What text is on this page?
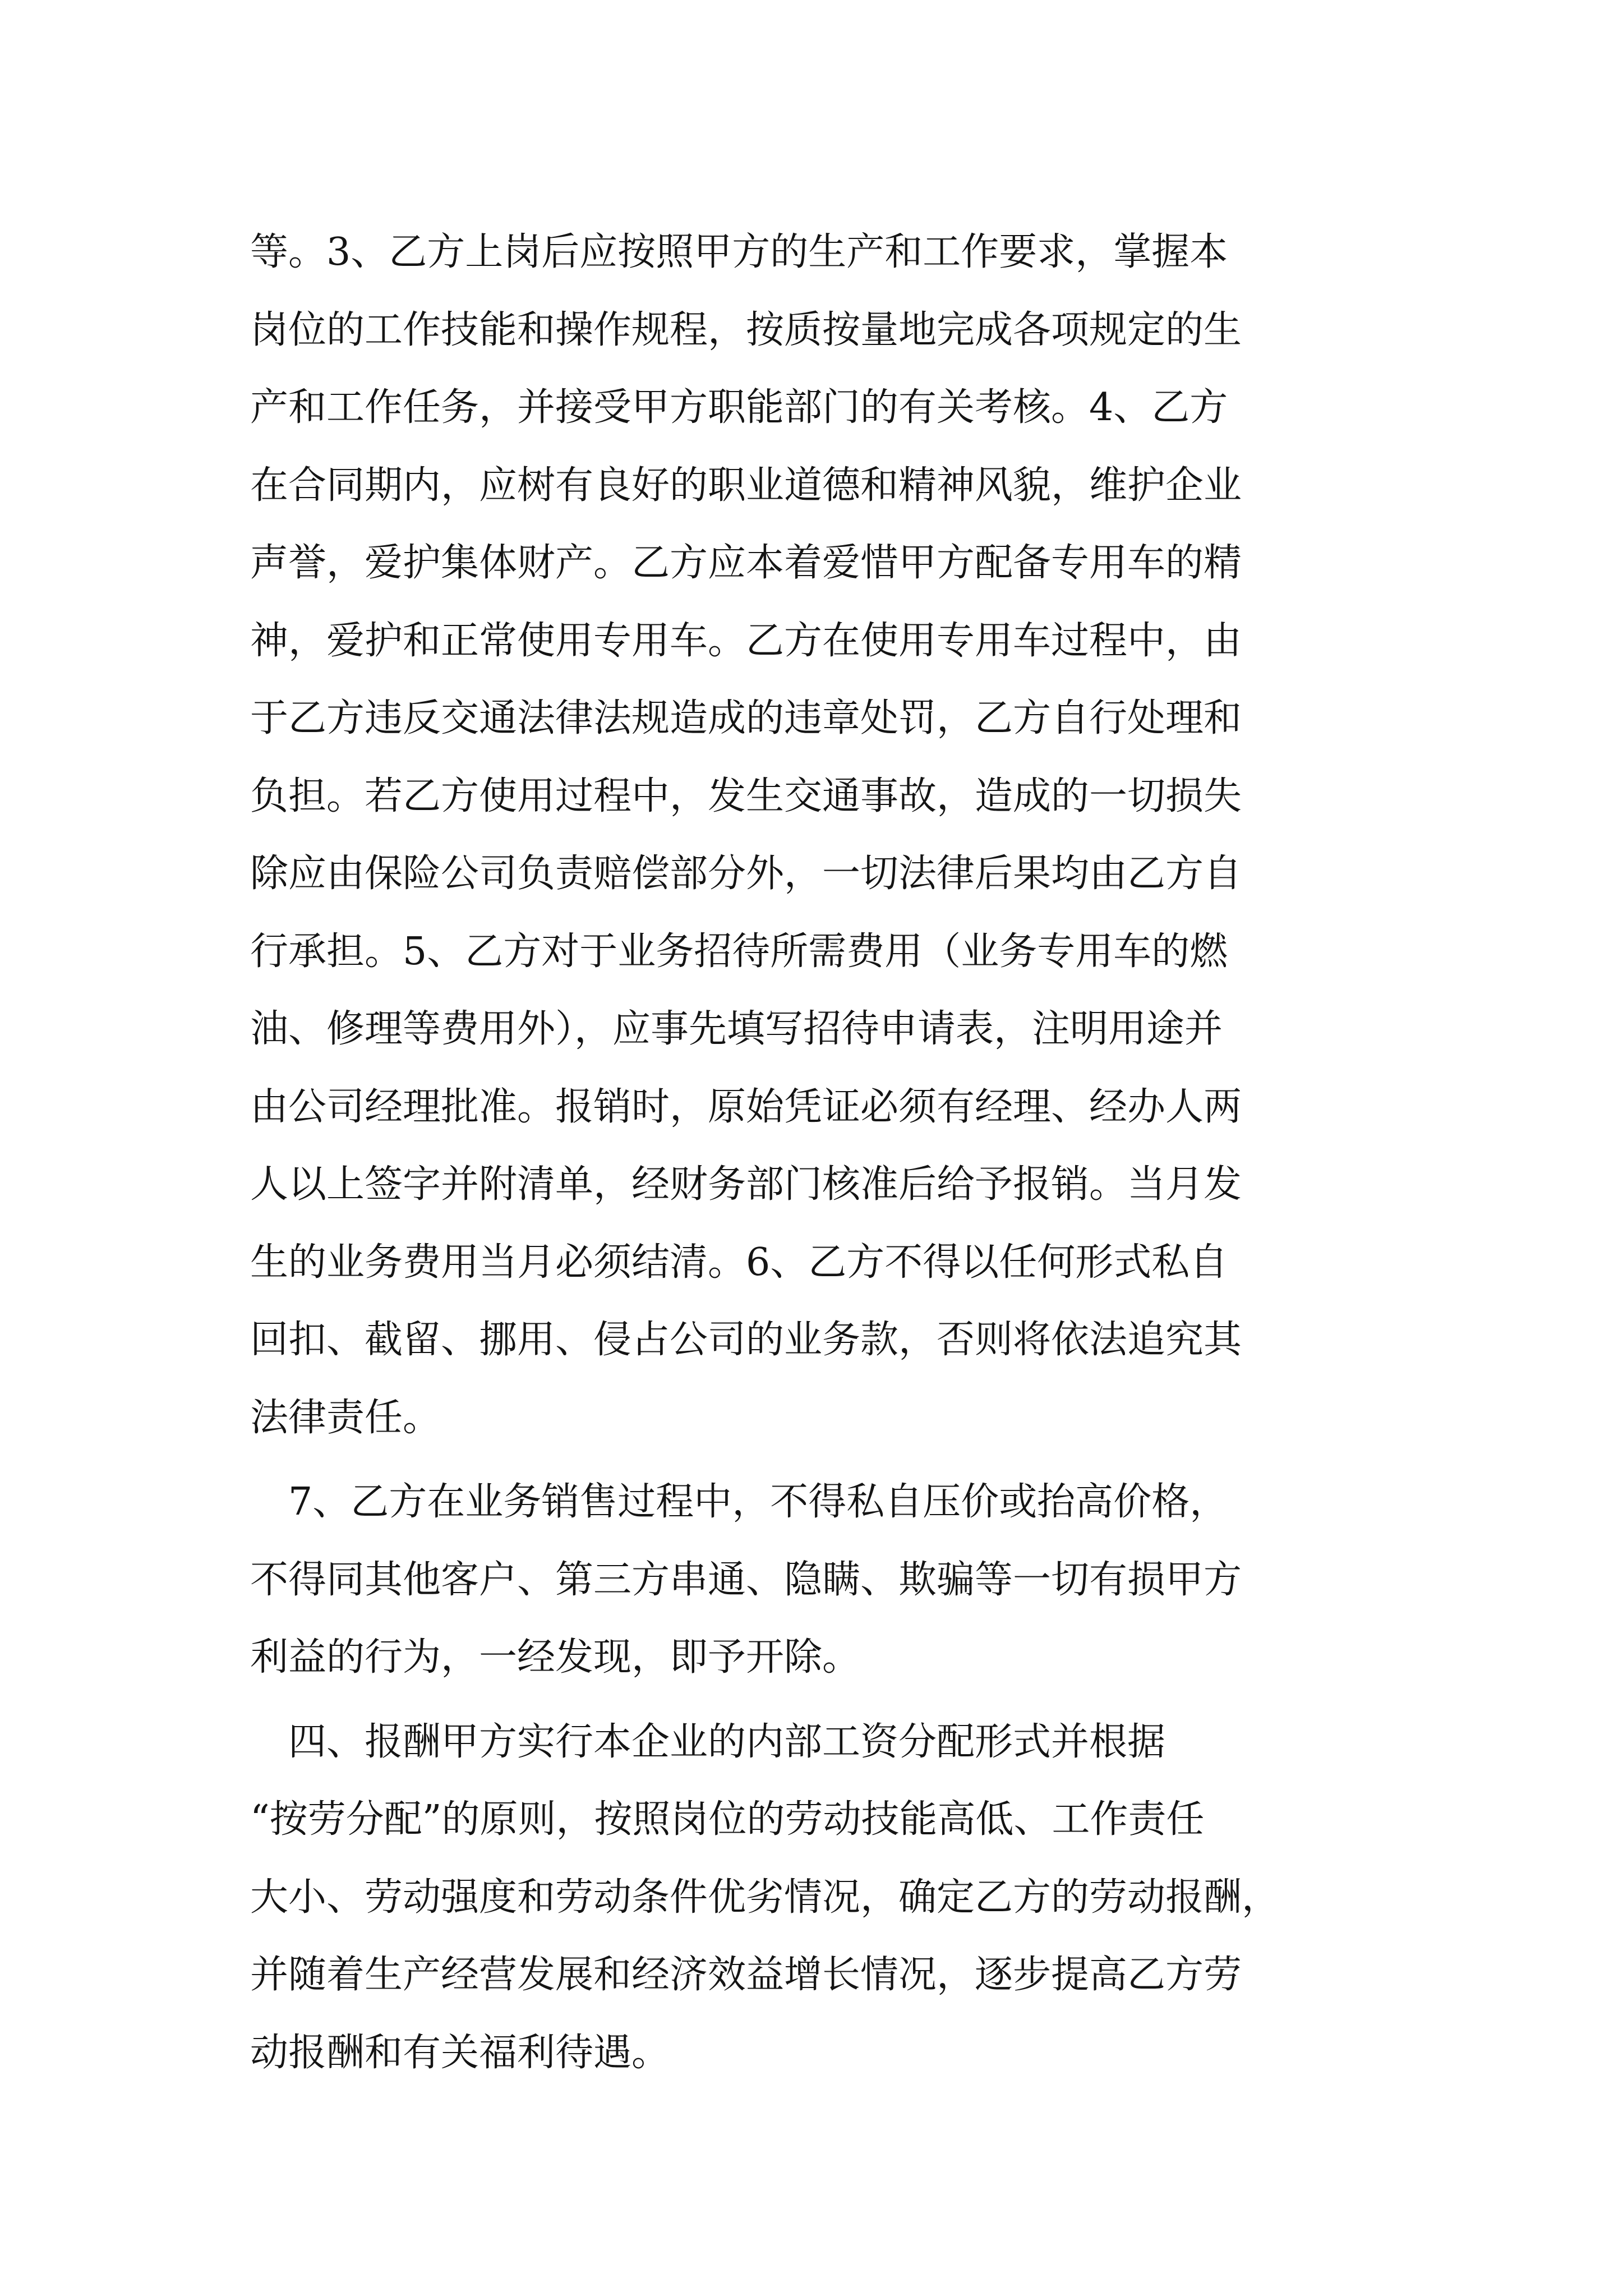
等。3、乙方上岗后应按照甲方的生产和工作要求，掌握本
岗位的工作技能和操作规程，按质按量地完成各项规定的生
产和工作任务，并接受甲方职能部门的有关考核。4、乙方
在合同期内，应树有良好的职业道德和精神风貌，维护企业
声誉，爱护集体财产。乙方应本着爱惜甲方配备专用车的精
神，爱护和正常使用专用车。乙方在使用专用车过程中，由
于乙方违反交通法律法规造成的违章处罚，乙方自行处理和
负担。若乙方使用过程中，发生交通事故，造成的一切损失
除应由保险公司负责赔偿部分外，一切法律后果均由乙方自
行承担。5、乙方对于业务招待所需费用（业务专用车的燃
油、修理等费用外），应事先填写招待申请表，注明用途并
由公司经理批准。报销时，原始凭证必须有经理、经办人两
人以上签字并附清单，经财务部门核准后给予报销。当月发
生的业务费用当月必须结清。6、乙方不得以任何形式私自
回扣、截留、挪用、侵占公司的业务款，否则将依法追究其
法律责任。
　7、乙方在业务销售过程中，不得私自压价或抬高价格，
不得同其他客户、第三方串通、隐瞒、欺骗等一切有损甲方
利益的行为，一经发现，即予开除。
　四、报酬甲方实行本企业的内部工资分配形式并根据
“按劳分配”的原则，按照岗位的劳动技能高低、工作责任
大小、劳动强度和劳动条件优劣情况，确定乙方的劳动报酬，
并随着生产经营发展和经济效益增长情况，逐步提高乙方劳
动报酬和有关福利待遇。
